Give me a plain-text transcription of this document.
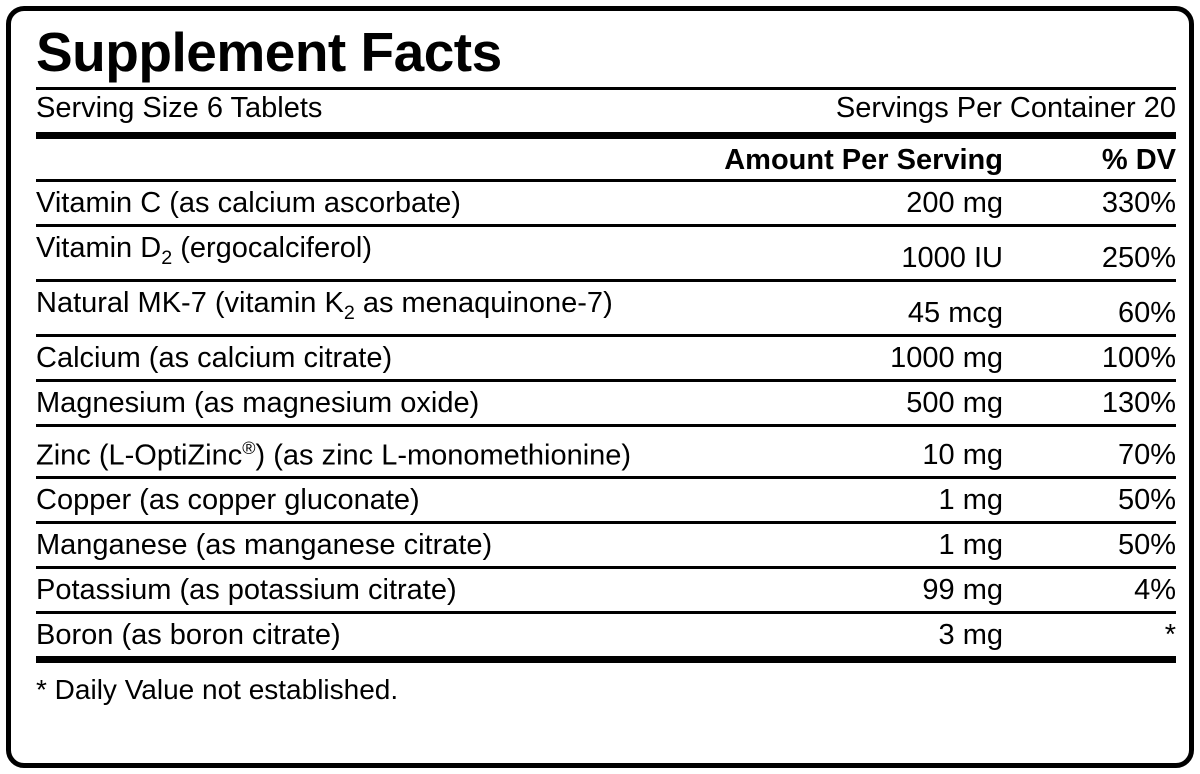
Supplement Facts
Serving Size 6 Tablets	Servings Per Container 20
	Amount Per Serving	% DV
Vitamin C (as calcium ascorbate)	200 mg	330%
Vitamin $D_2$ (ergocalciferol)	1000 IU	250%
Natural MK-7 (vitamin $K_2$ as menaquinone-7)	45 mcg	60%
Calcium (as calcium citrate)	1000 mg	100%
Magnesium (as magnesium oxide)	500 mg	130%
Zinc (L-OptiZinc®) (as zinc L-monomethionine)	10 mg	70%
Copper (as copper gluconate)	1 mg	50%
Manganese (as manganese citrate)	1 mg	50%
Potassium (as potassium citrate)	99 mg	4%
Boron (as boron citrate)	3 mg	*
* Daily Value not established.
